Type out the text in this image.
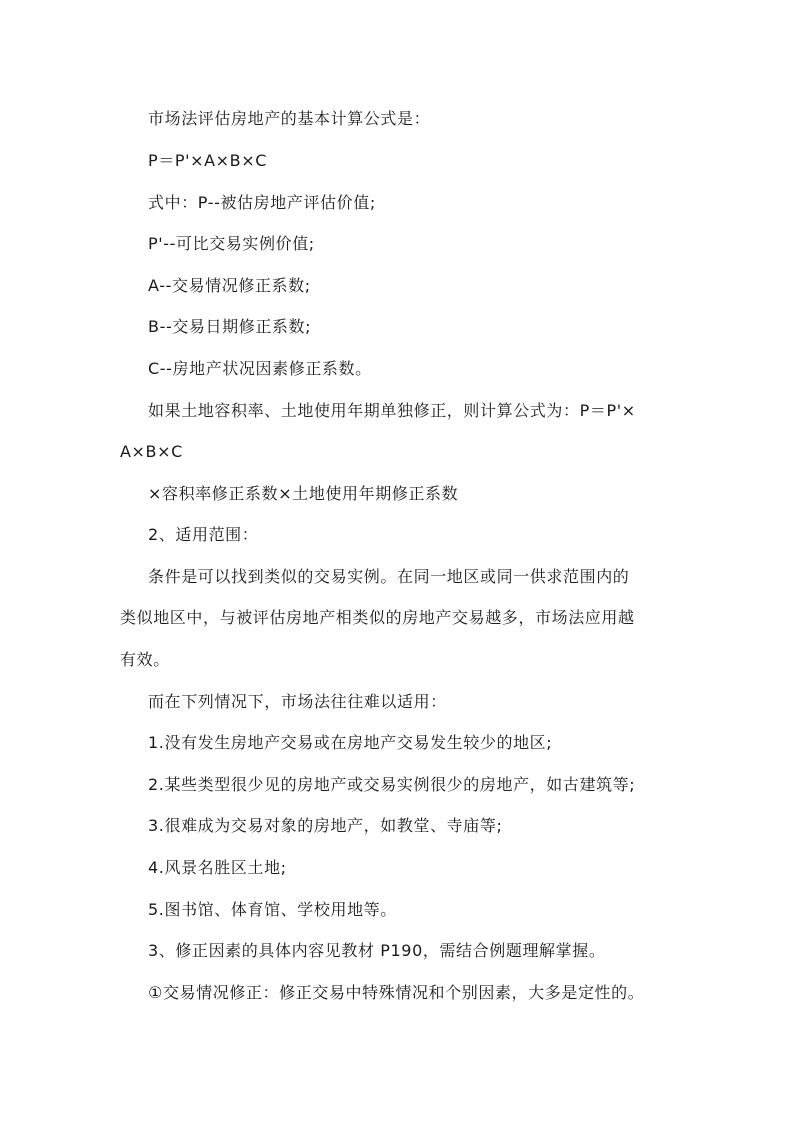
市场法评估房地产的基本计算公式是：
P＝P'×A×B×C
式中：P--被估房地产评估价值;
P'--可比交易实例价值;
A--交易情况修正系数;
B--交易日期修正系数;
C--房地产状况因素修正系数。
如果土地容积率、土地使用年期单独修正，则计算公式为：P＝P'×
A×B×C
×容积率修正系数×土地使用年期修正系数
2、适用范围：
条件是可以找到类似的交易实例。在同一地区或同一供求范围内的
类似地区中，与被评估房地产相类似的房地产交易越多，市场法应用越
有效。
而在下列情况下，市场法往往难以适用：
1.没有发生房地产交易或在房地产交易发生较少的地区;
2.某些类型很少见的房地产或交易实例很少的房地产，如古建筑等;
3.很难成为交易对象的房地产，如教堂、寺庙等;
4.风景名胜区土地;
5.图书馆、体育馆、学校用地等。
3、修正因素的具体内容见教材 P190，需结合例题理解掌握。
①交易情况修正：修正交易中特殊情况和个别因素，大多是定性的。
